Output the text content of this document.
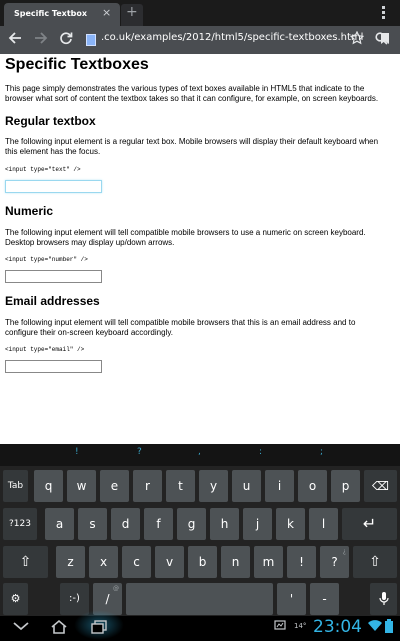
Specific Textbox × +
.co.uk/examples/2012/html5/specific-textboxes.html
Specific Textboxes
This page simply demonstrates the various types of text boxes available in HTML5 that indicate to the
browser what sort of content the textbox takes so that it can configure, for example, on screen keyboards.
Regular textbox
The following input element is a regular text box. Mobile browsers will display their default keyboard when
this element has the focus.
<input type="text" />
Numeric
The following input element will tell compatible mobile browsers to use a numeric on screen keyboard.
Desktop browsers may display up/down arrows.
<input type="number" />
Email addresses
The following input element will tell compatible mobile browsers that this is an email address and to
configure their on-screen keyboard accordingly.
<input type="email" />
!	?	,	:	;
Tab	q	w	e	r	t	y	u	i	o	p	⌫
?123	a	s	d	f	g	h	j	k	l	↵
⇧	z	x	c	v	b	n	m	!	?
¿
⇧
⚙	:-)	/
@
'	-
14° 23:04
